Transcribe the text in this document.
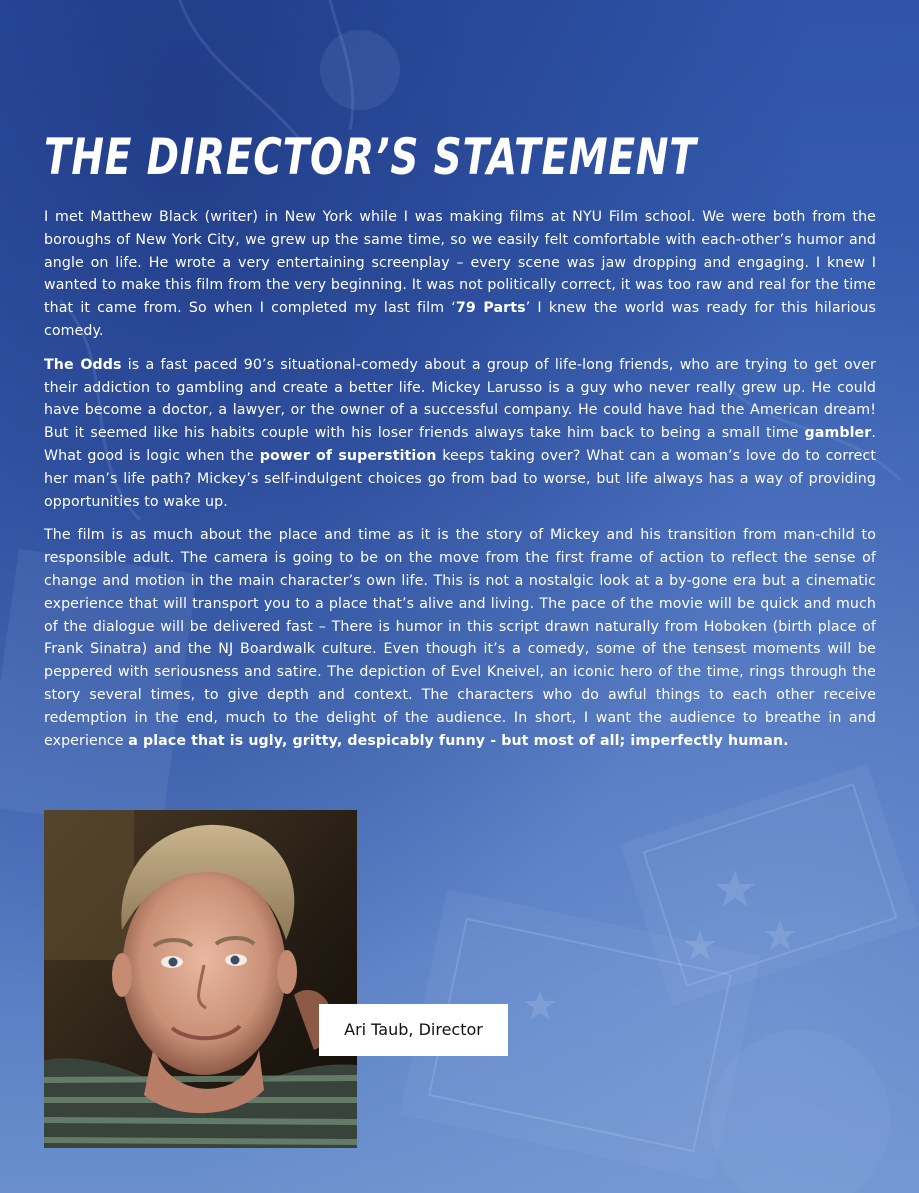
THE DIRECTOR’S STATEMENT

I met Matthew Black (writer) in New York while I was making films at NYU Film school. We were both from the boroughs of New York City, we grew up the same time, so we easily felt comfortable with each-other’s humor and angle on life. He wrote a very entertaining screenplay – every scene was jaw dropping and engaging. I knew I wanted to make this film from the very beginning. It was not politically correct, it was too raw and real for the time that it came from. So when I completed my last film ‘79 Parts’ I knew the world was ready for this hilarious comedy.

The Odds is a fast paced 90’s situational-comedy about a group of life-long friends, who are trying to get over their addiction to gambling and create a better life. Mickey Larusso is a guy who never really grew up. He could have become a doctor, a lawyer, or the owner of a successful company. He could have had the American dream! But it seemed like his habits couple with his loser friends always take him back to being a small time gambler. What good is logic when the power of superstition keeps taking over? What can a woman’s love do to correct her man’s life path? Mickey’s self-indulgent choices go from bad to worse, but life always has a way of providing opportunities to wake up.

The film is as much about the place and time as it is the story of Mickey and his transition from man-child to responsible adult. The camera is going to be on the move from the first frame of action to reflect the sense of change and motion in the main character’s own life. This is not a nostalgic look at a by-gone era but a cinematic experience that will transport you to a place that’s alive and living. The pace of the movie will be quick and much of the dialogue will be delivered fast – There is humor in this script drawn naturally from Hoboken (birth place of Frank Sinatra) and the NJ Boardwalk culture. Even though it’s a comedy, some of the tensest moments will be peppered with seriousness and satire. The depiction of Evel Kneivel, an iconic hero of the time, rings through the story several times, to give depth and context. The characters who do awful things to each other receive redemption in the end, much to the delight of the audience. In short, I want the audience to breathe in and experience a place that is ugly, gritty, despicably funny - but most of all; imperfectly human.

Ari Taub, Director
